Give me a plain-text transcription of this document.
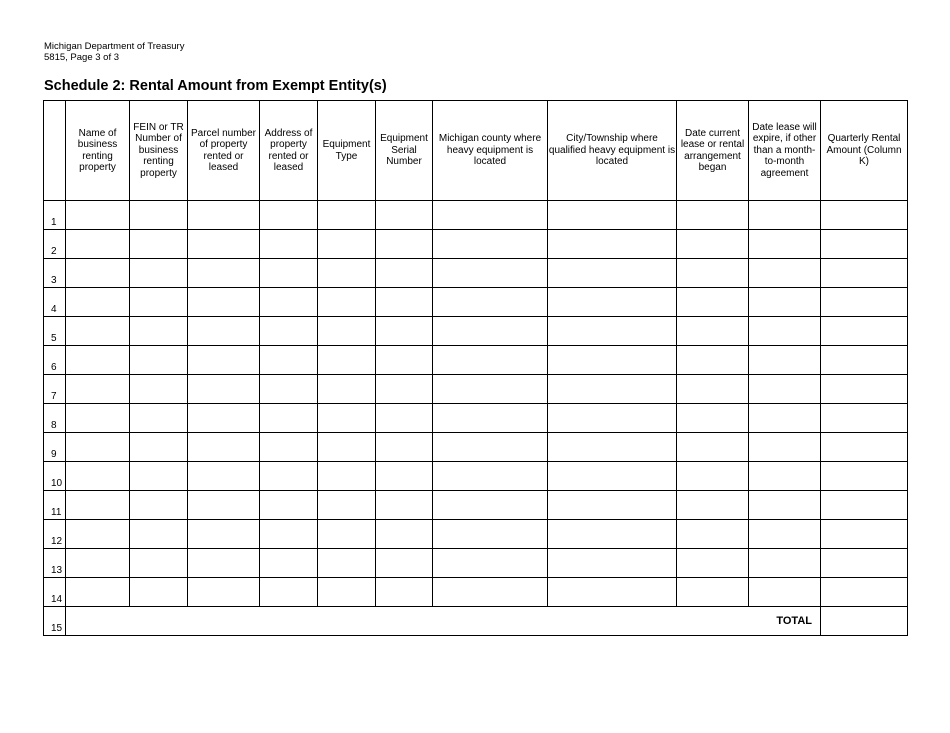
Michigan Department of Treasury
5815, Page 3 of 3
Schedule 2: Rental Amount from Exempt Entity(s)
	Name of business renting property	FEIN or TR Number of business renting property	Parcel number of property rented or leased	Address of property rented or leased	Equipment Type	Equipment Serial Number	Michigan county where heavy equipment is located	City/Township where qualified heavy equipment is located	Date current lease or rental arrangement began	Date lease will expire, if other than a month-to-month agreement	Quarterly Rental Amount (Column K)
1											
2											
3											
4											
5											
6											
7											
8											
9											
10											
11											
12											
13											
14											
15	TOTAL										
